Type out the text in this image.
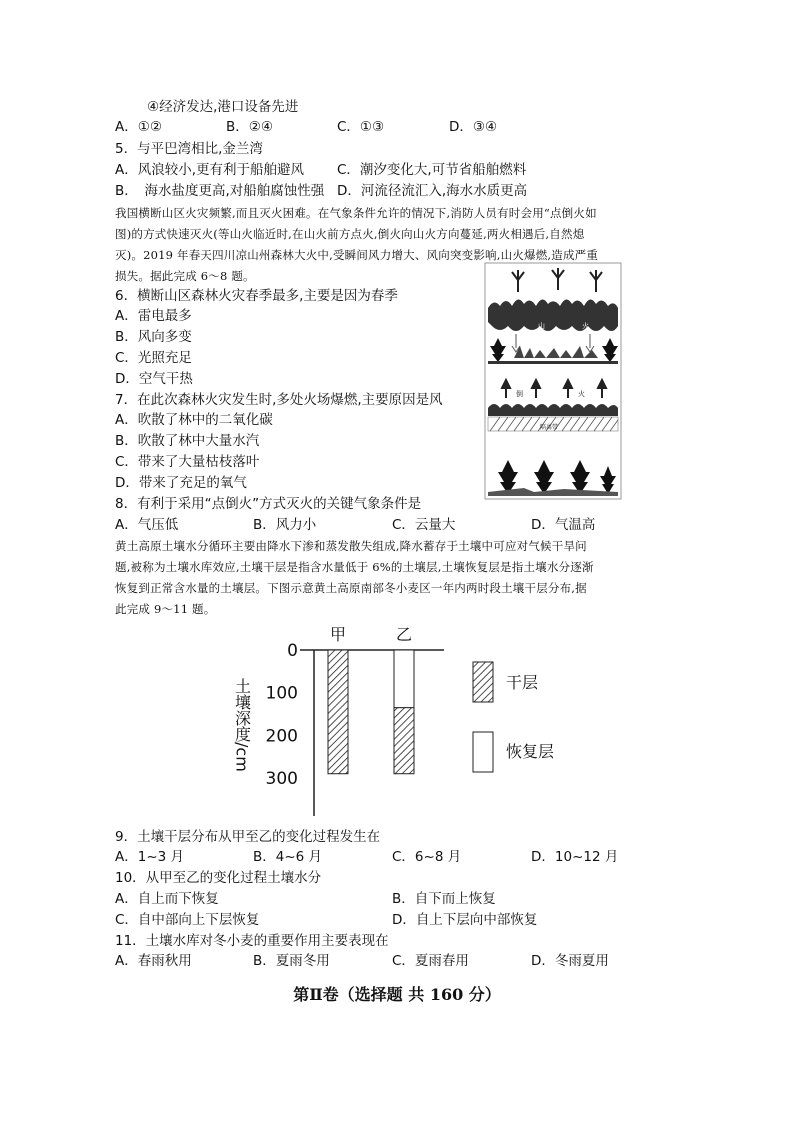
④经济发达,港口设备先进
A．①②	B．②④	C．①③	D．③④
5．与平巴湾相比,金兰湾
A．风浪较小,更有利于船舶避风 C．潮汐变化大,可节省船舶燃料
B．　海水盐度更高,对船舶腐蚀性强 D．河流径流汇入,海水水质更高
我国横断山区火灾频繁,而且灭火困难。在气象条件允许的情况下,消防人员有时会用“点倒火如
图)的方式快速灭火(等山火临近时,在山火前方点火,倒火向山火方向蔓延,两火相遇后,自然熄
灭)。2019 年春天四川凉山州森林大火中,受瞬间风力增大、风向突变影响,山火爆燃,造成严重
损失。据此完成 6～8 题。
山	火
倒	火
隔离带
6．横断山区森林火灾春季最多,主要是因为春季
A．雷电最多
B．风向多变
C．光照充足
D．空气干热
7．在此次森林火灾发生时,多处火场爆燃,主要原因是风
A．吹散了林中的二氧化碳
B．吹散了林中大量水汽
C．带来了大量枯枝落叶
D．带来了充足的氧气
8．有利于采用“点倒火”方式灭火的关键气象条件是
A．气压低	B．风力小	C．云量大	D．气温高
黄土高原土壤水分循环主要由降水下渗和蒸发散失组成,降水蓄存于土壤中可应对气候干旱问
题,被称为土壤水库效应,土壤干层是指含水量低于 6%的土壤层,土壤恢复层是指土壤水分逐渐
恢复到正常含水量的土壤层。下图示意黄土高原南部冬小麦区一年内两时段土壤干层分布,据
此完成 9～11 题。
0
100
200
300
甲	乙
土壤深度/cm	干层
恢复层
9．土壤干层分布从甲至乙的变化过程发生在
A．1~3 月	B．4~6 月	C．6~8 月	D．10~12 月
10．从甲至乙的变化过程土壤水分
A．自上而下恢复	B．自下而上恢复
C．自中部向上下层恢复	D．自上下层向中部恢复
11．土壤水库对冬小麦的重要作用主要表现在
A．春雨秋用	B．夏雨冬用	C．夏雨春用	D．冬雨夏用
第Ⅱ卷（选择题 共 160 分）
